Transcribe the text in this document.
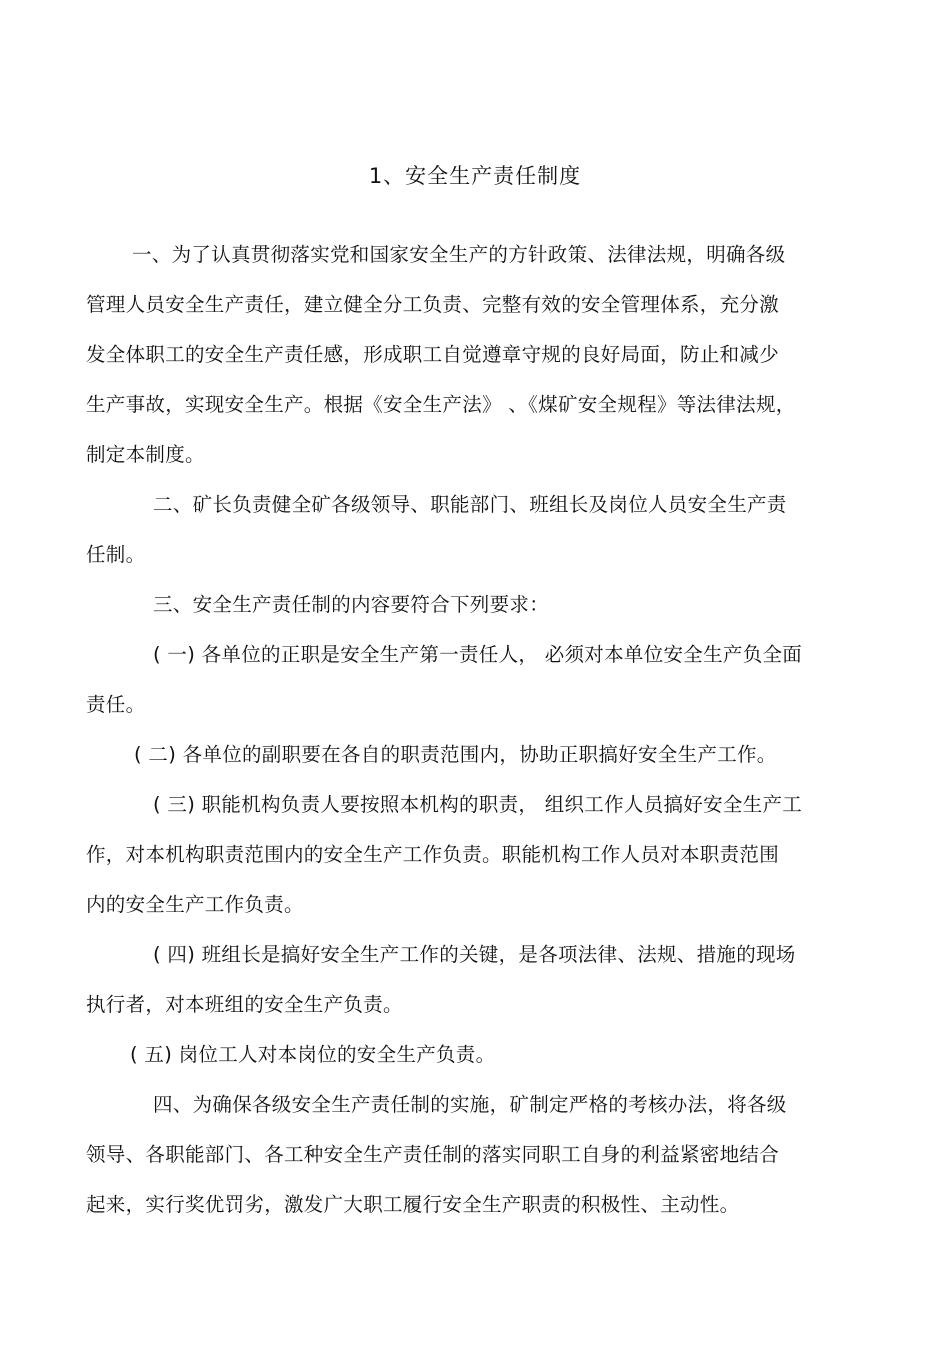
1、安全生产责任制度
一、为了认真贯彻落实党和国家安全生产的方针政策、法律法规，明确各级
管理人员安全生产责任，建立健全分工负责、完整有效的安全管理体系，充分激
发全体职工的安全生产责任感，形成职工自觉遵章守规的良好局面，防止和减少
生产事故，实现安全生产。根据《安全生产法》 、《煤矿安全规程》等法律法规，
制定本制度。
二、矿长负责健全矿各级领导、职能部门、班组长及岗位人员安全生产责
任制。
三、安全生产责任制的内容要符合下列要求：
( 一) 各单位的正职是安全生产第一责任人， 必须对本单位安全生产负全面
责任。
( 二) 各单位的副职要在各自的职责范围内，协助正职搞好安全生产工作。
( 三) 职能机构负责人要按照本机构的职责， 组织工作人员搞好安全生产工
作，对本机构职责范围内的安全生产工作负责。职能机构工作人员对本职责范围
内的安全生产工作负责。
( 四) 班组长是搞好安全生产工作的关键，是各项法律、法规、措施的现场
执行者，对本班组的安全生产负责。
( 五) 岗位工人对本岗位的安全生产负责。
四、为确保各级安全生产责任制的实施，矿制定严格的考核办法，将各级
领导、各职能部门、各工种安全生产责任制的落实同职工自身的利益紧密地结合
起来，实行奖优罚劣，激发广大职工履行安全生产职责的积极性、主动性。
